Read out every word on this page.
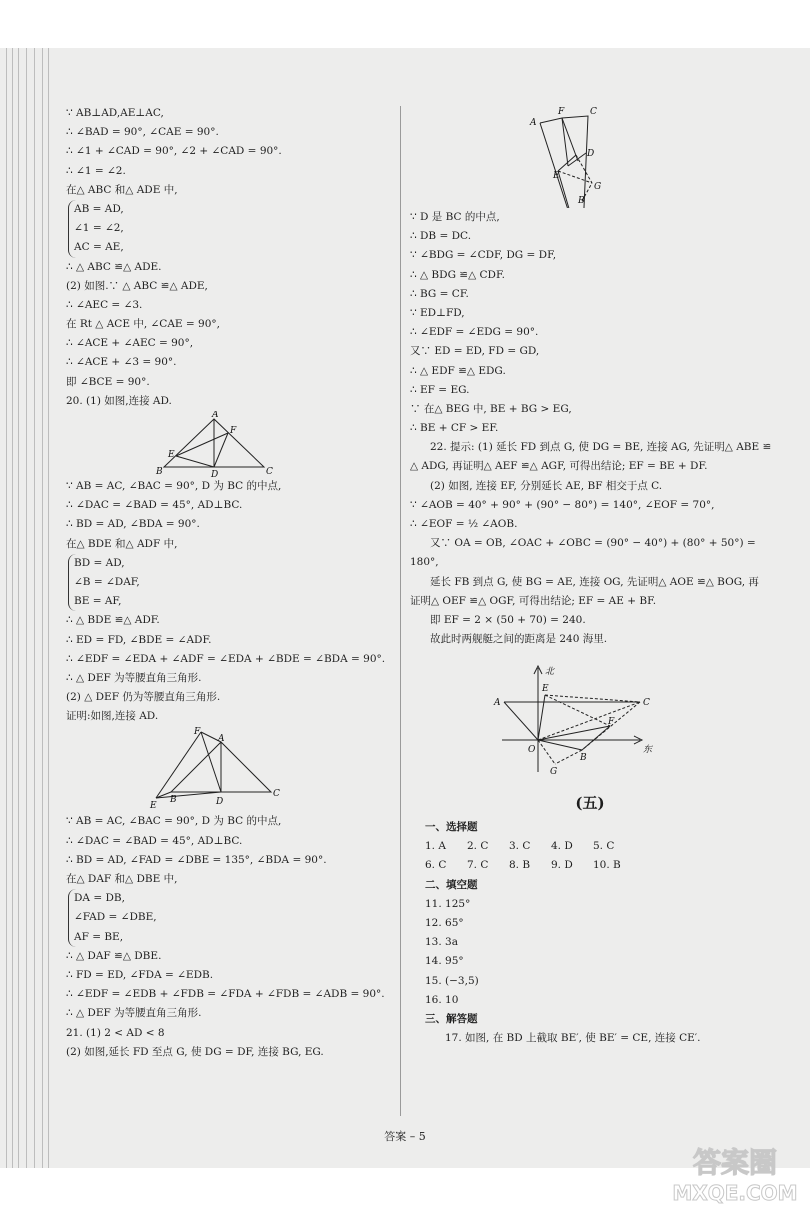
∵ AB⊥AD,AE⊥AC,
∴ ∠BAD = 90°, ∠CAE = 90°.
∴ ∠1 + ∠CAD = 90°, ∠2 + ∠CAD = 90°.
∴ ∠1 = ∠2.
在△ ABC 和△ ADE 中,
AB = AD,
∠1 = ∠2,
AC = AE,
∴ △ ABC ≌△ ADE.
(2) 如图.∵ △ ABC ≌△ ADE,
∴ ∠AEC = ∠3.
在 Rt △ ACE 中, ∠CAE = 90°,
∴ ∠ACE + ∠AEC = 90°,
∴ ∠ACE + ∠3 = 90°.
即 ∠BCE = 90°.
20. (1) 如图,连接 AD.
A
F
E
B	D	C
∵ AB = AC, ∠BAC = 90°, D 为 BC 的中点,
∴ ∠DAC = ∠BAD = 45°, AD⊥BC.
∴ BD = AD, ∠BDA = 90°.
在△ BDE 和△ ADF 中,
BD = AD,
∠B = ∠DAF,
BE = AF,
∴ △ BDE ≌△ ADF.
∴ ED = FD, ∠BDE = ∠ADF.
∴ ∠EDF = ∠EDA + ∠ADF = ∠EDA + ∠BDE = ∠BDA = 90°.
∴ △ DEF 为等腰直角三角形.
(2) △ DEF 仍为等腰直角三角形.
证明:如图,连接 AD.
F
A
E
B	D
C
∵ AB = AC, ∠BAC = 90°, D 为 BC 的中点,
∴ ∠DAC = ∠BAD = 45°, AD⊥BC.
∴ BD = AD, ∠FAD = ∠DBE = 135°, ∠BDA = 90°.
在△ DAF 和△ DBE 中,
DA = DB,
∠FAD = ∠DBE,
AF = BE,
∴ △ DAF ≌△ DBE.
∴ FD = ED, ∠FDA = ∠EDB.
∴ ∠EDF = ∠EDB + ∠FDB = ∠FDA + ∠FDB = ∠ADB = 90°.
∴ △ DEF 为等腰直角三角形.
21. (1) 2 < AD < 8
(2) 如图,延长 FD 至点 G, 使 DG = DF, 连接 BG, EG.
A
F	C
D
E
G
B
∵ D 是 BC 的中点,
∴ DB = DC.
∵ ∠BDG = ∠CDF, DG = DF,
∴ △ BDG ≌△ CDF.
∴ BG = CF.
∵ ED⊥FD,
∴ ∠EDF = ∠EDG = 90°.
又∵ ED = ED, FD = GD,
∴ △ EDF ≌△ EDG.
∴ EF = EG.
∵ 在△ BEG 中, BE + BG > EG,
∴ BE + CF > EF.
22. 提示: (1) 延长 FD 到点 G, 使 DG = BE, 连接 AG, 先证明△ ABE ≌
△ ADG, 再证明△ AEF ≌△ AGF, 可得出结论; EF = BE + DF.
(2) 如图, 连接 EF, 分别延长 AE, BF 相交于点 C.
∵ ∠AOB = 40° + 90° + (90° − 80°) = 140°, ∠EOF = 70°,
∴ ∠EOF = ½ ∠AOB.
又∵ OA = OB, ∠OAC + ∠OBC = (90° − 40°) + (80° + 50°) =
180°,
延长 FB 到点 G, 使 BG = AE, 连接 OG, 先证明△ AOE ≌△ BOG, 再
证明△ OEF ≌△ OGF, 可得出结论; EF = AE + BF.
即 EF = 2 × (50 + 70) = 240.
故此时两舰艇之间的距离是 240 海里.
北
东
A
E
C
F
O
B
G
(五)
一、选择题
1. A	2. C	3. C	4. D	5. C
6. C	7. C	8. B	9. D	10. B
二、填空题
11. 125°
12. 65°
13. 3a
14. 95°
15. (−3,5)
16. 10
三、解答题
17. 如图, 在 BD 上截取 BE′, 使 BE′ = CE, 连接 CE′.
答案 – 5
答案圈
MXQE.COM
